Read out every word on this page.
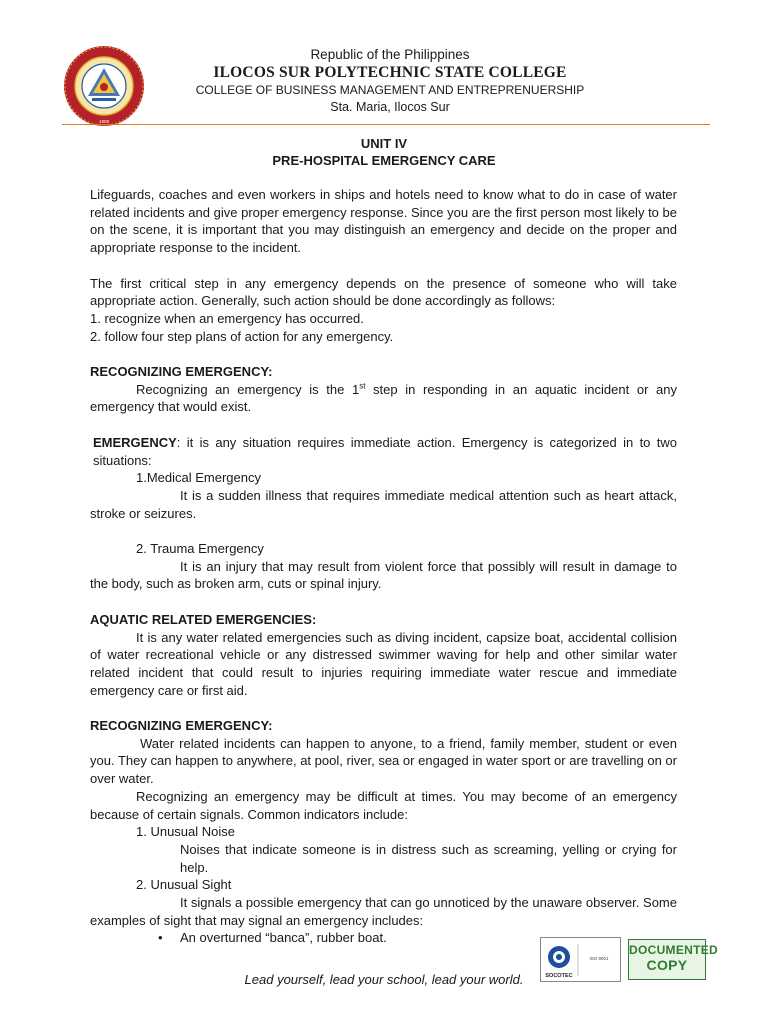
1908
Republic of the Philippines
ILOCOS SUR POLYTECHNIC STATE COLLEGE
COLLEGE OF BUSINESS MANAGEMENT AND ENTREPRENUERSHIP
Sta. Maria, Ilocos Sur
UNIT IV
PRE-HOSPITAL EMERGENCY CARE

Lifeguards, coaches and even workers in ships and hotels need to know what to do in case of water related incidents and give proper emergency response. Since you are the first person most likely to be on the scene, it is important that you may distinguish an emergency and decide on the proper and appropriate response to the incident.

The first critical step in any emergency depends on the presence of someone who will take appropriate action. Generally, such action should be done accordingly as follows:

1. recognize when an emergency has occurred.

2. follow four step plans of action for any emergency.

RECOGNIZING EMERGENCY:

Recognizing an emergency is the 1st step in responding in an aquatic incident or any emergency that would exist.

EMERGENCY: it is any situation requires immediate action. Emergency is categorized in to two situations:

1.Medical Emergency

It is a sudden illness that requires immediate medical attention such as heart attack, stroke or seizures.

2. Trauma Emergency

It is an injury that may result from violent force that possibly will result in damage to the body, such as broken arm, cuts or spinal injury.

AQUATIC RELATED EMERGENCIES:

It is any water related emergencies such as diving incident, capsize boat, accidental collision of water recreational vehicle or any distressed swimmer waving for help and other similar water related incident that could result to injuries requiring immediate water rescue and immediate emergency care or first aid.

RECOGNIZING EMERGENCY:

Water related incidents can happen to anyone, to a friend, family member, student or even you. They can happen to anywhere, at pool, river, sea or engaged in water sport or are travelling on or over water.

Recognizing an emergency may be difficult at times. You may become of an emergency because of certain signals. Common indicators include:

1. Unusual Noise

Noises that indicate someone is in distress such as screaming, yelling or crying for help.

2. Unusual Sight

It signals a possible emergency that can go unnoticed by the unaware observer. Some examples of sight that may signal an emergency includes:

• An overturned “banca”, rubber boat.

SOCOTEC
ISO 9001
DOCUMENTED
COPY
Lead yourself, lead your school, lead your world.
